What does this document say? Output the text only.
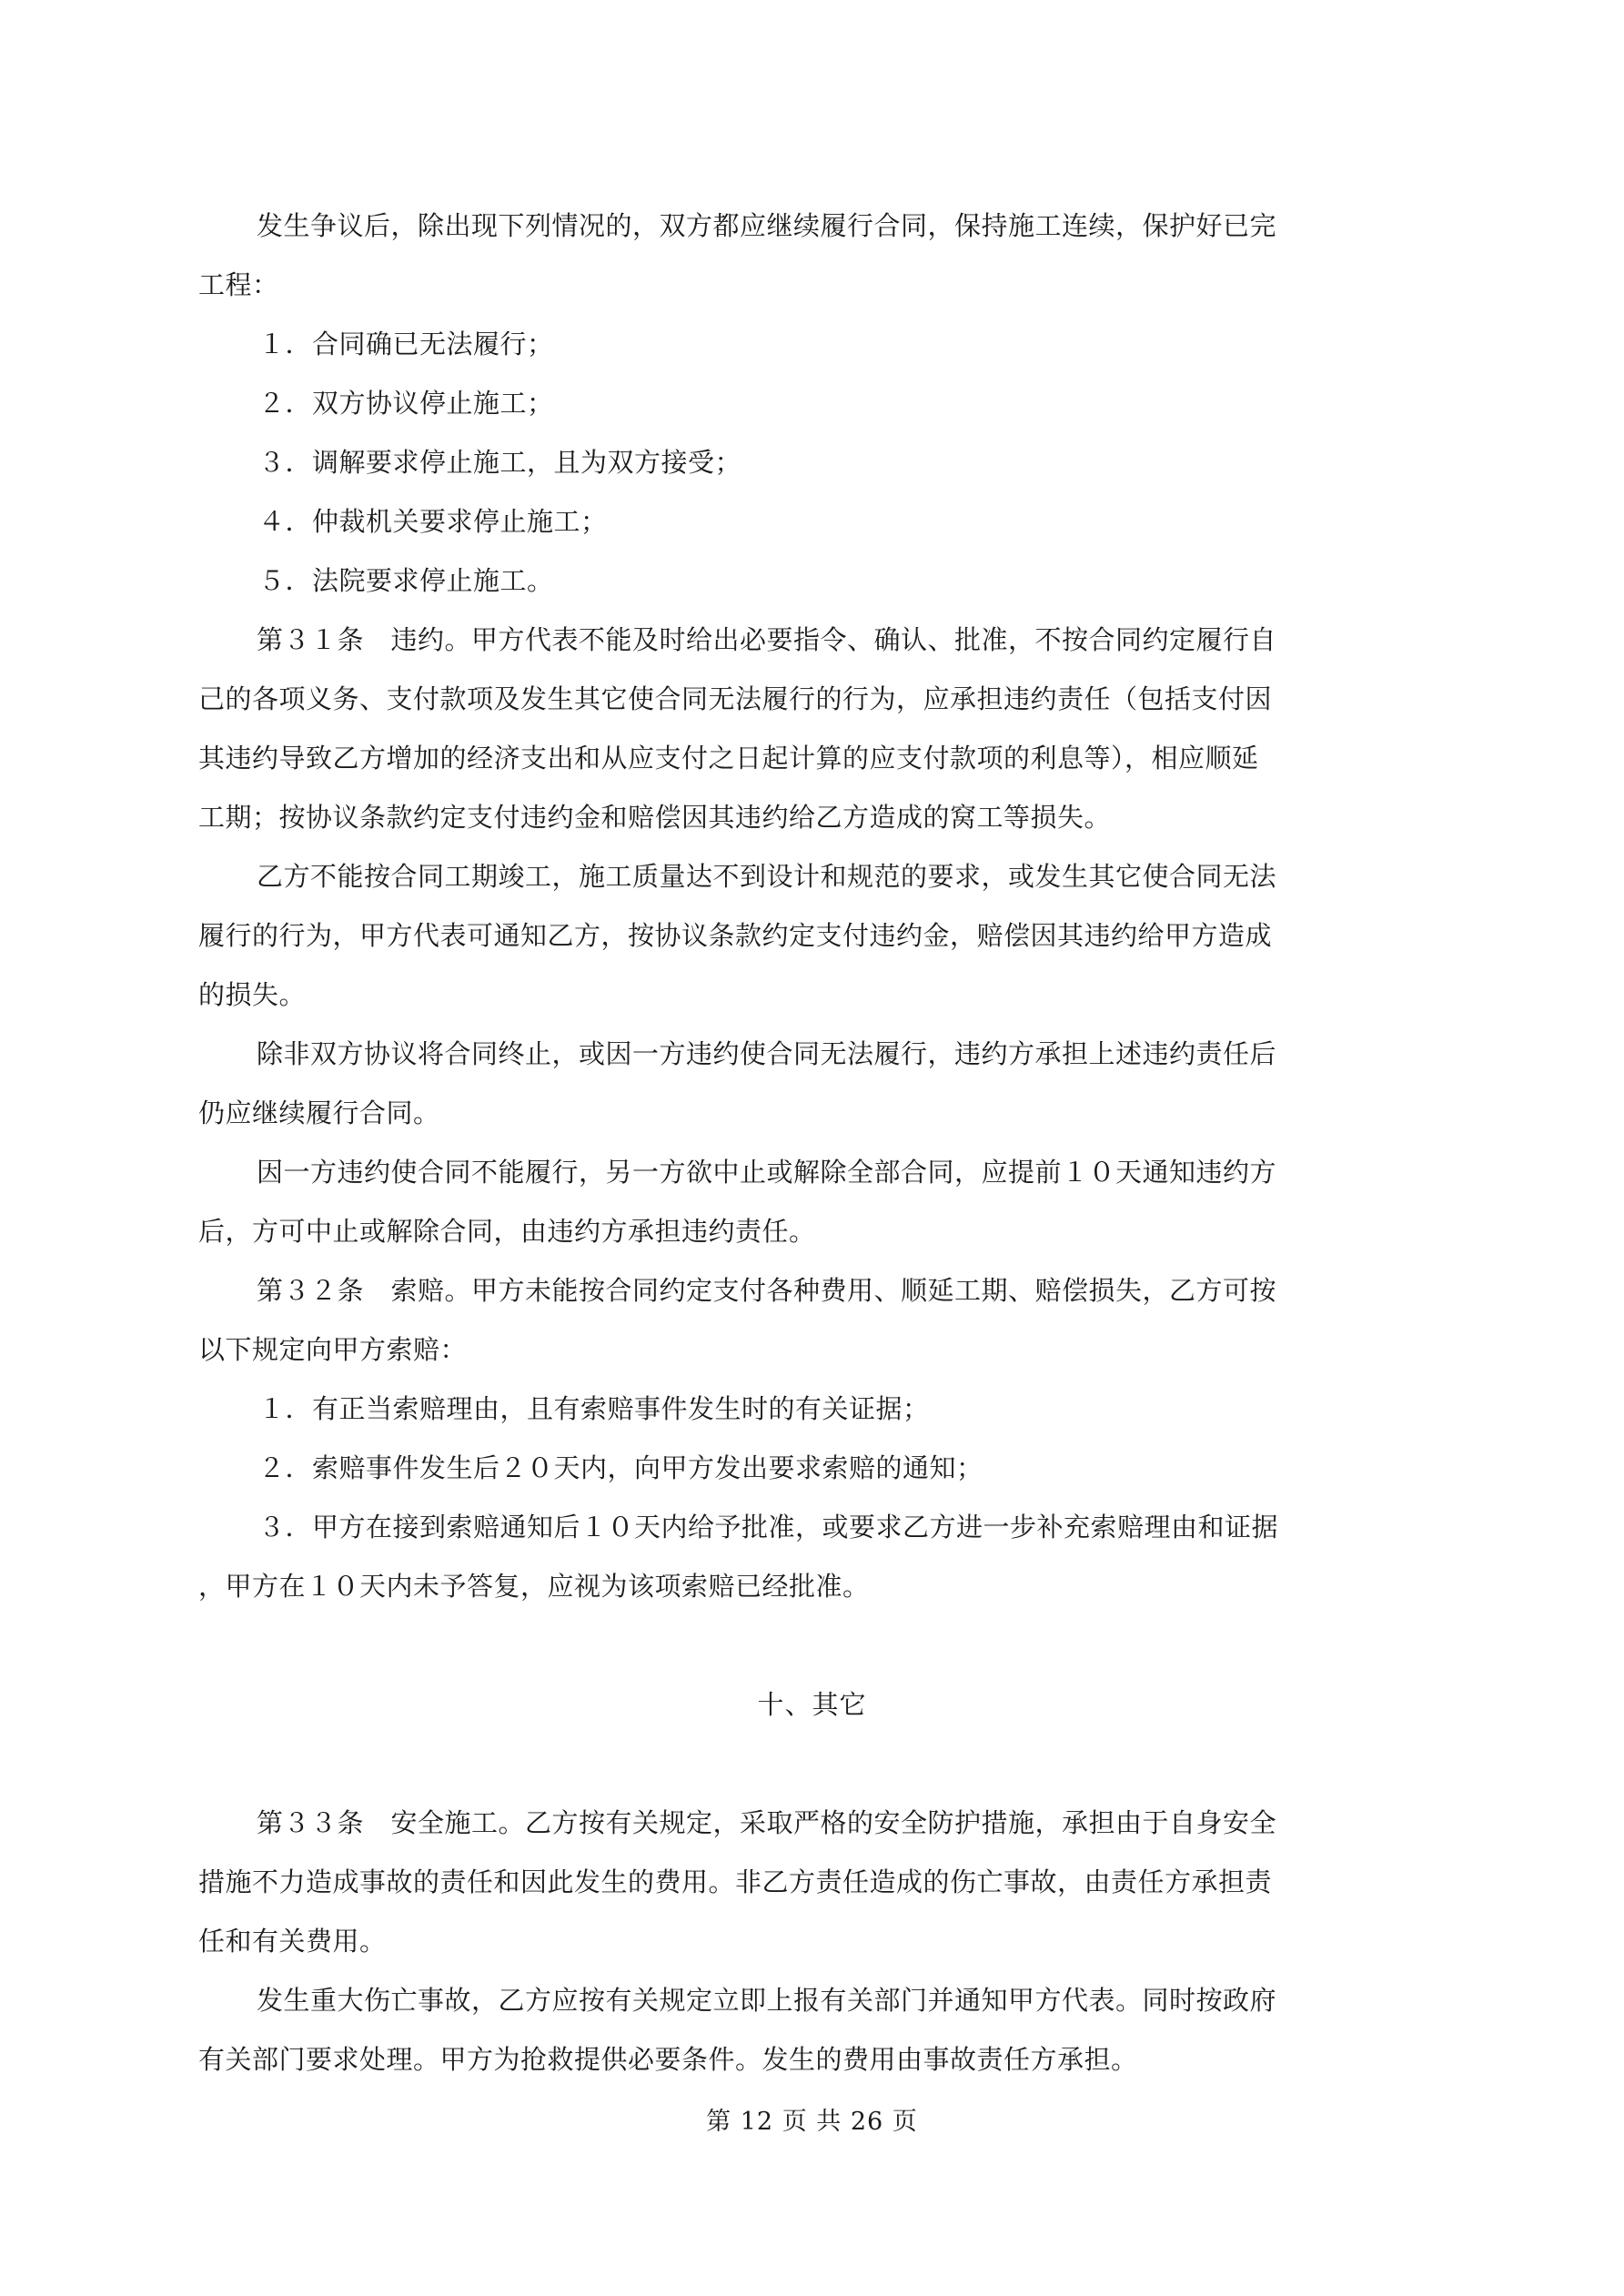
发生争议后，除出现下列情况的，双方都应继续履行合同，保持施工连续，保护好已完
工程：
１．合同确已无法履行；
２．双方协议停止施工；
３．调解要求停止施工，且为双方接受；
４．仲裁机关要求停止施工；
５．法院要求停止施工。
第３１条　违约。甲方代表不能及时给出必要指令、确认、批准，不按合同约定履行自
己的各项义务、支付款项及发生其它使合同无法履行的行为，应承担违约责任（包括支付因
其违约导致乙方增加的经济支出和从应支付之日起计算的应支付款项的利息等），相应顺延
工期；按协议条款约定支付违约金和赔偿因其违约给乙方造成的窝工等损失。
乙方不能按合同工期竣工，施工质量达不到设计和规范的要求，或发生其它使合同无法
履行的行为，甲方代表可通知乙方，按协议条款约定支付违约金，赔偿因其违约给甲方造成
的损失。
除非双方协议将合同终止，或因一方违约使合同无法履行，违约方承担上述违约责任后
仍应继续履行合同。
因一方违约使合同不能履行，另一方欲中止或解除全部合同，应提前１０天通知违约方
后，方可中止或解除合同，由违约方承担违约责任。
第３２条　索赔。甲方未能按合同约定支付各种费用、顺延工期、赔偿损失，乙方可按
以下规定向甲方索赔：
１．有正当索赔理由，且有索赔事件发生时的有关证据；
２．索赔事件发生后２０天内，向甲方发出要求索赔的通知；
３．甲方在接到索赔通知后１０天内给予批准，或要求乙方进一步补充索赔理由和证据
，甲方在１０天内未予答复，应视为该项索赔已经批准。
十、其它
第３３条　安全施工。乙方按有关规定，采取严格的安全防护措施，承担由于自身安全
措施不力造成事故的责任和因此发生的费用。非乙方责任造成的伤亡事故，由责任方承担责
任和有关费用。
发生重大伤亡事故，乙方应按有关规定立即上报有关部门并通知甲方代表。同时按政府
有关部门要求处理。甲方为抢救提供必要条件。发生的费用由事故责任方承担。
第 12 页 共 26 页
